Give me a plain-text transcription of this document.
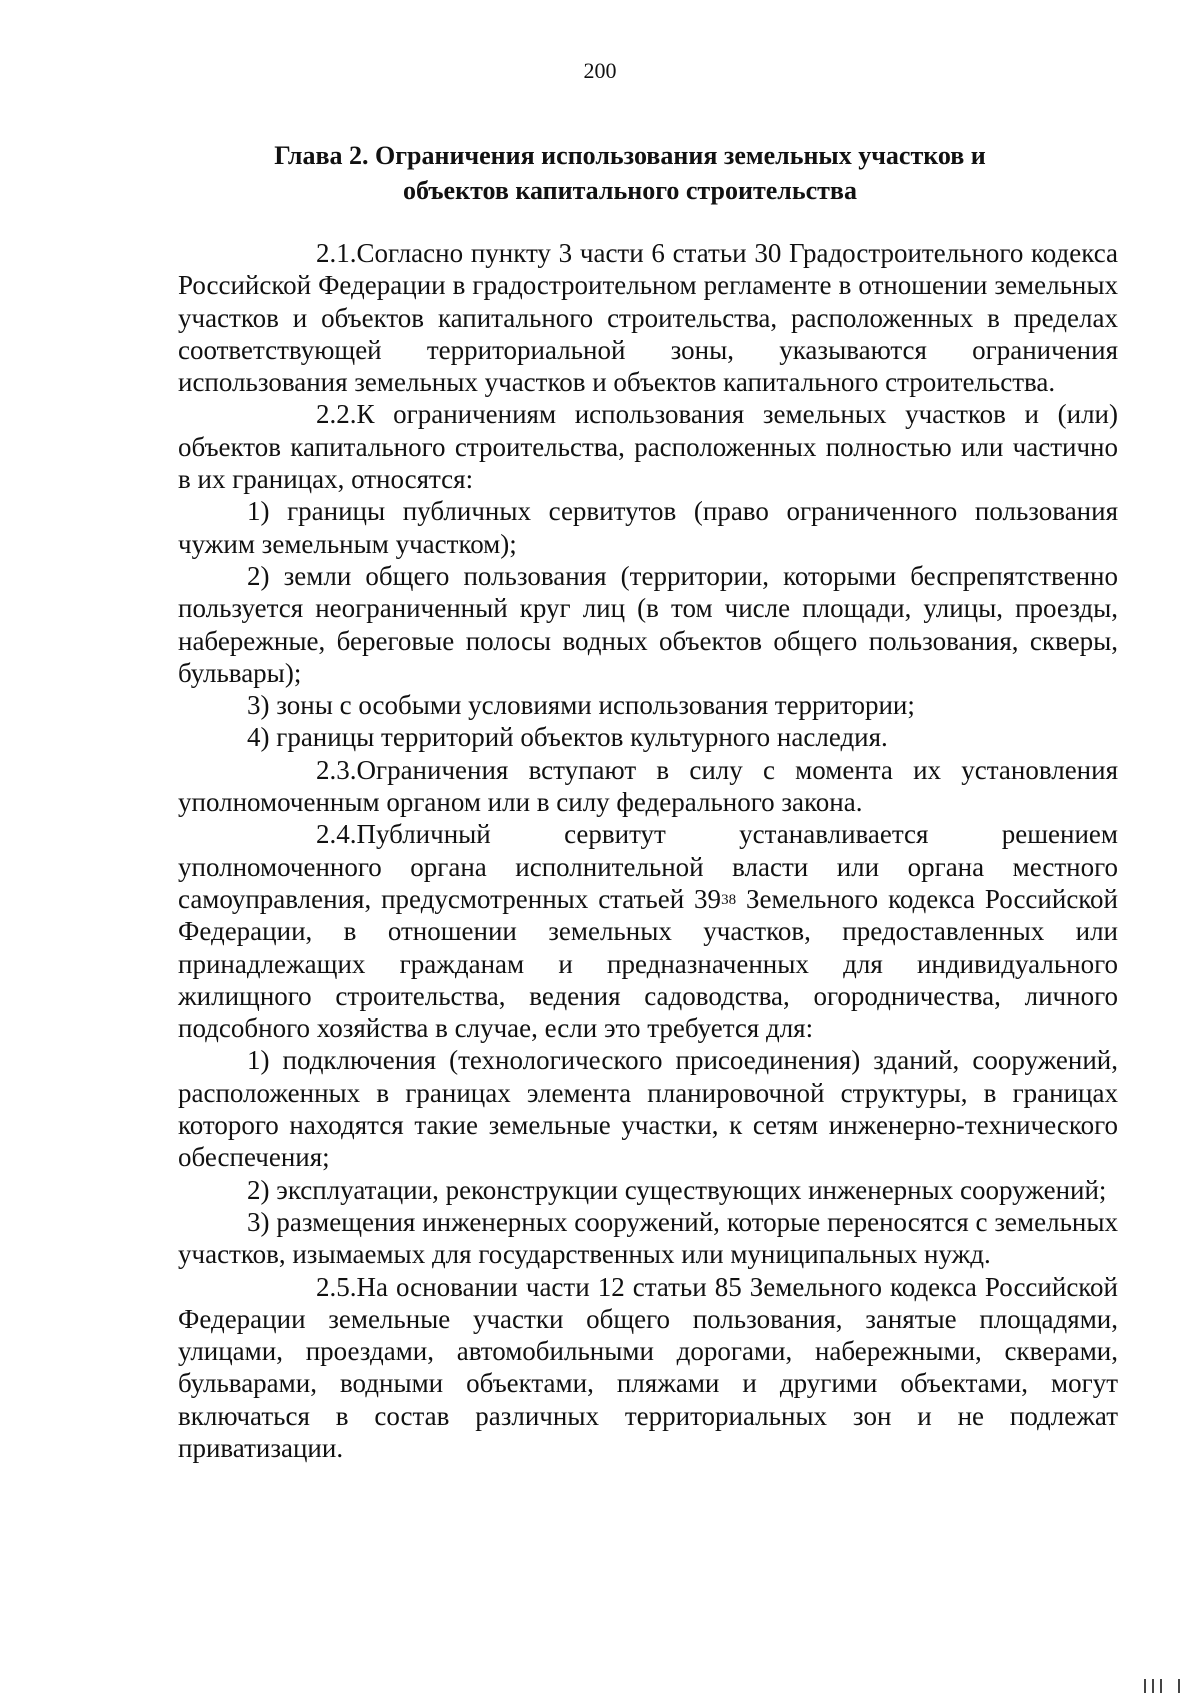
200
Глава 2. Ограничения использования земельных участков и объектов капитального строительства

2.1.Согласно пункту 3 части 6 статьи 30 Градостроительного кодекса Российской Федерации в градостроительном регламенте в отношении земельных участков и объектов капитального строительства, расположенных в пределах соответствующей территориальной зоны, указываются ограничения использования земельных участков и объектов капитального строительства.

2.2.К ограничениям использования земельных участков и (или) объектов капитального строительства, расположенных полностью или частично в их границах, относятся:

1) границы публичных сервитутов (право ограниченного пользования чужим земельным участком);

2) земли общего пользования (территории, которыми беспрепятственно пользуется неограниченный круг лиц (в том числе площади, улицы, проезды, набережные, береговые полосы водных объектов общего пользования, скверы, бульвары);

3) зоны с особыми условиями использования территории;

4) границы территорий объектов культурного наследия.

2.3.Ограничения вступают в силу с момента их установления уполномоченным органом или в силу федерального закона.

2.4.Публичный сервитут устанавливается решением уполномоченного органа исполнительной власти или органа местного самоуправления, предусмотренных статьей $39^{38}$ Земельного кодекса Российской Федерации, в отношении земельных участков, предоставленных или принадлежащих гражданам и предназначенных для индивидуального жилищного строительства, ведения садоводства, огородничества, личного подсобного хозяйства в случае, если это требуется для:

1) подключения (технологического присоединения) зданий, сооружений, расположенных в границах элемента планировочной структуры, в границах которого находятся такие земельные участки, к сетям инженерно-технического обеспечения;

2) эксплуатации, реконструкции существующих инженерных сооружений;

3) размещения инженерных сооружений, которые переносятся с земельных участков, изымаемых для государственных или муниципальных нужд.

2.5.На основании части 12 статьи 85 Земельного кодекса Российской Федерации земельные участки общего пользования, занятые площадями, улицами, проездами, автомобильными дорогами, набережными, скверами, бульварами, водными объектами, пляжами и другими объектами, могут включаться в состав различных территориальных зон и не подлежат приватизации.
